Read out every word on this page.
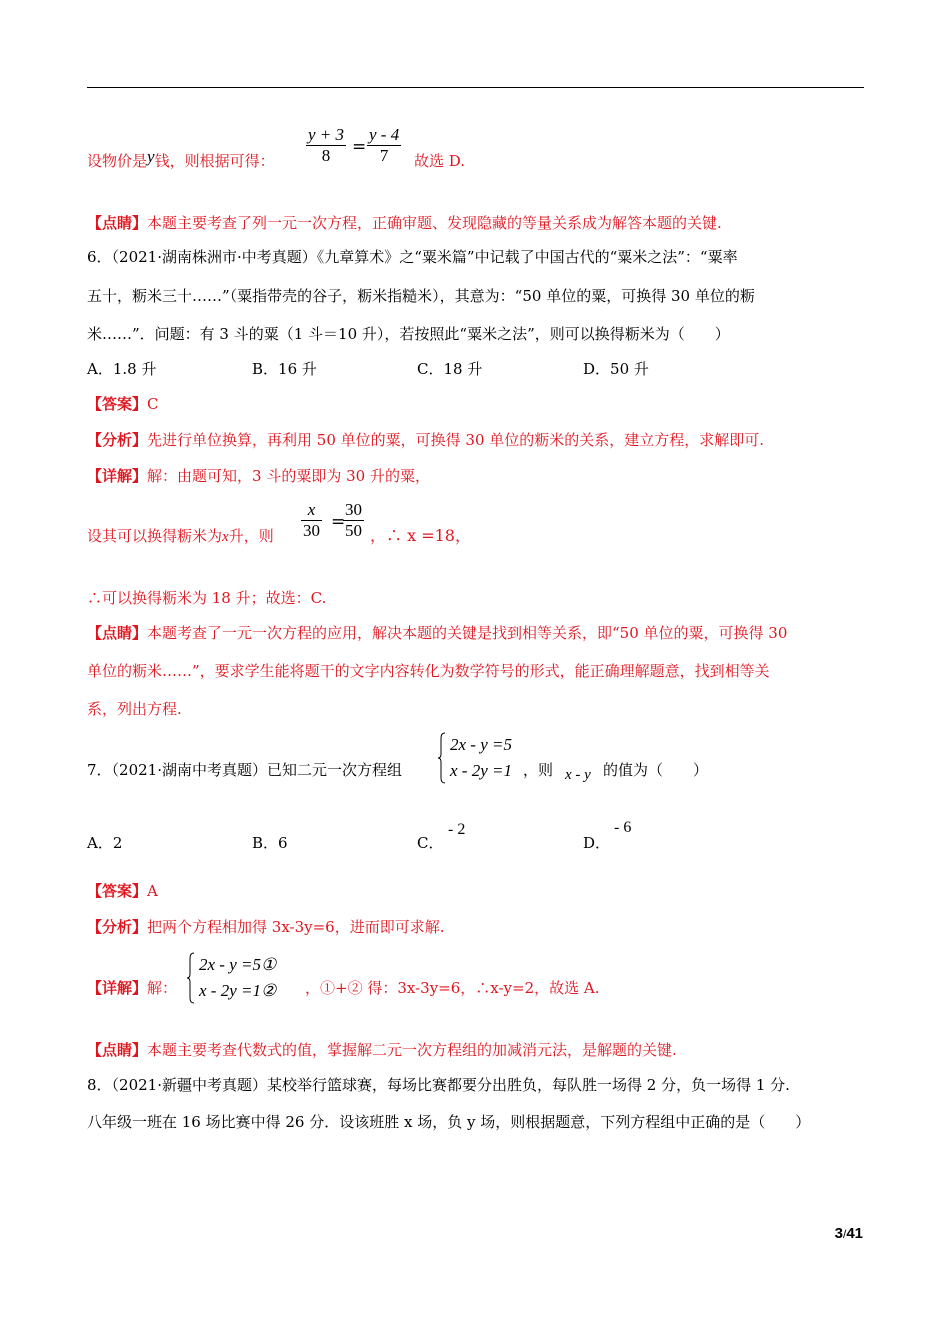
设物价是y钱，则根据可得： $\frac{y + 3}{8} = \frac{y - 4}{7}$ 故选 D.
【点睛】本题主要考查了列一元一次方程，正确审题、发现隐藏的等量关系成为解答本题的关键.
6．（2021·湖南株洲市·中考真题）《九章算术》之“粟米篇”中记载了中国古代的“粟米之法”：“粟率
五十，粝米三十……”（粟指带壳的谷子，粝米指糙米），其意为：“50 单位的粟，可换得 30 单位的粝
米……”．问题：有 3 斗的粟（1 斗＝10 升），若按照此“粟米之法”，则可以换得粝米为（　　）
A．1.8 升	B．16 升	C．18 升	D．50 升
【答案】C
【分析】先进行单位换算，再利用 50 单位的粟，可换得 30 单位的粝米的关系，建立方程，求解即可.
【详解】解：由题可知，3 斗的粟即为 30 升的粟，
设其可以换得粝米为x升，则 $\frac{x}{30}$ =
$\frac{30}{50}$ ，∴ x =18，
∴可以换得粝米为 18 升；故选：C.
【点睛】本题考查了一元一次方程的应用，解决本题的关键是找到相等关系，即“50 单位的粟，可换得 30
单位的粝米……”，要求学生能将题干的文字内容转化为数学符号的形式，能正确理解题意，找到相等关
系，列出方程.
7．（2021·湖南中考真题）已知二元一次方程组
2x - y =5
x - 2y =1 ，则 x - y 的值为（　　）
A．2	B．6	C．
- 2
D．
- 6
【答案】A
【分析】把两个方程相加得 3x-3y=6，进而即可求解.
【详解】解：
2x - y =5①
x - 2y =1② ，①+② 得：3x-3y=6，∴x-y=2，故选 A.
【点睛】本题主要考查代数式的值，掌握解二元一次方程组的加减消元法，是解题的关键.
8．（2021·新疆中考真题）某校举行篮球赛，每场比赛都要分出胜负，每队胜一场得 2 分，负一场得 1 分.
八年级一班在 16 场比赛中得 26 分．设该班胜 x 场，负 y 场，则根据题意，下列方程组中正确的是（　　）
3/41
